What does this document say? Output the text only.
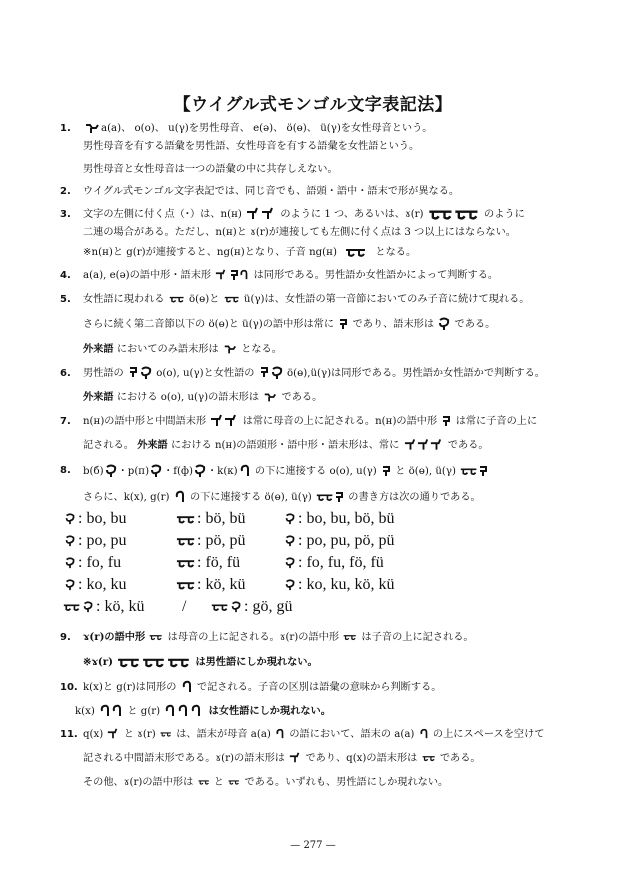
【ウイグル式モンゴル文字表記法】
1.	a(a)、 o(o)、 u(γ)を男性母音、 e(ə)、 ö(ɵ)、 ü(γ)を女性母音という。
男性母音を有する語彙を男性語、女性母音を有する語彙を女性語という。
男性母音と女性母音は一つの語彙の中に共存しえない。
2.	ウイグル式モンゴル文字表記では、同じ音でも、語頭・語中・語末で形が異なる。
3.	文字の左側に付く点（･）は、n(н)	のように 1 つ、あるいは、ɤ(r)	のように
二連の場合がある。ただし、n(н)と ɤ(r)が連接しても左側に付く点は 3 つ以上にはならない。
※n(н)と g(r)が連接すると、ng(н)となり、子音 ng(н)	となる。
4.	a(a), e(ə)の語中形・語末形	は同形である。男性語か女性語かによって判断する。
5.	女性語に現われる ö(ɵ)と ü(γ)は、女性語の第一音節においてのみ子音に続けて現れる。
さらに続く第二音節以下の ö(ɵ)と ü(γ)の語中形は常に であり、語末形は である。
外来語 においてのみ語末形は となる。
6.	男性語の	o(o), u(γ)と女性語の	ö(ɵ),ü(γ)は同形である。男性語か女性語かで判断する。
外来語 における o(o), u(γ)の語末形は である。
7.	n(н)の語中形と中間語末形	は常に母音の上に記される。n(н)の語中形 は常に子音の上に
記される。 外来語 における n(н)の語頭形・語中形・語末形は、常に	である。
8.	b(б) ・p(п) ・f(ф) ・k(к) の下に連接する o(o), u(γ) と ö(ɵ), ü(γ)
さらに、k(x), g(r) の下に連接する ö(ɵ), ü(γ)	の書き方は次の通りである。
: bo, bu	: bö, bü	: bo, bu, bö, bü
: po, pu	: pö, pü	: po, pu, pö, pü
: fo, fu	: fö, fü	: fo, fu, fö, fü
: ko, ku	: kö, kü	: ko, ku, kö, kü
: kö, kü /	: gö, gü
9.	ɤ(r)の語中形 は母音の上に記される。ɤ(r)の語中形 は子音の上に記される。
※ɤ(r)	は男性語にしか現れない。
10. k(x)と g(r)は同形の で記される。子音の区別は語彙の意味から判断する。
k(x)	と g(r)	は女性語にしか現れない。
11. q(x) と ɤ(r) は、語末が母音 a(a) の語において、語末の a(a) の上にスペースを空けて
記される中間語末形である。ɤ(r)の語末形は であり、q(x)の語末形は である。
その他、ɤ(r)の語中形は と である。いずれも、男性語にしか現れない。
— 277 —
